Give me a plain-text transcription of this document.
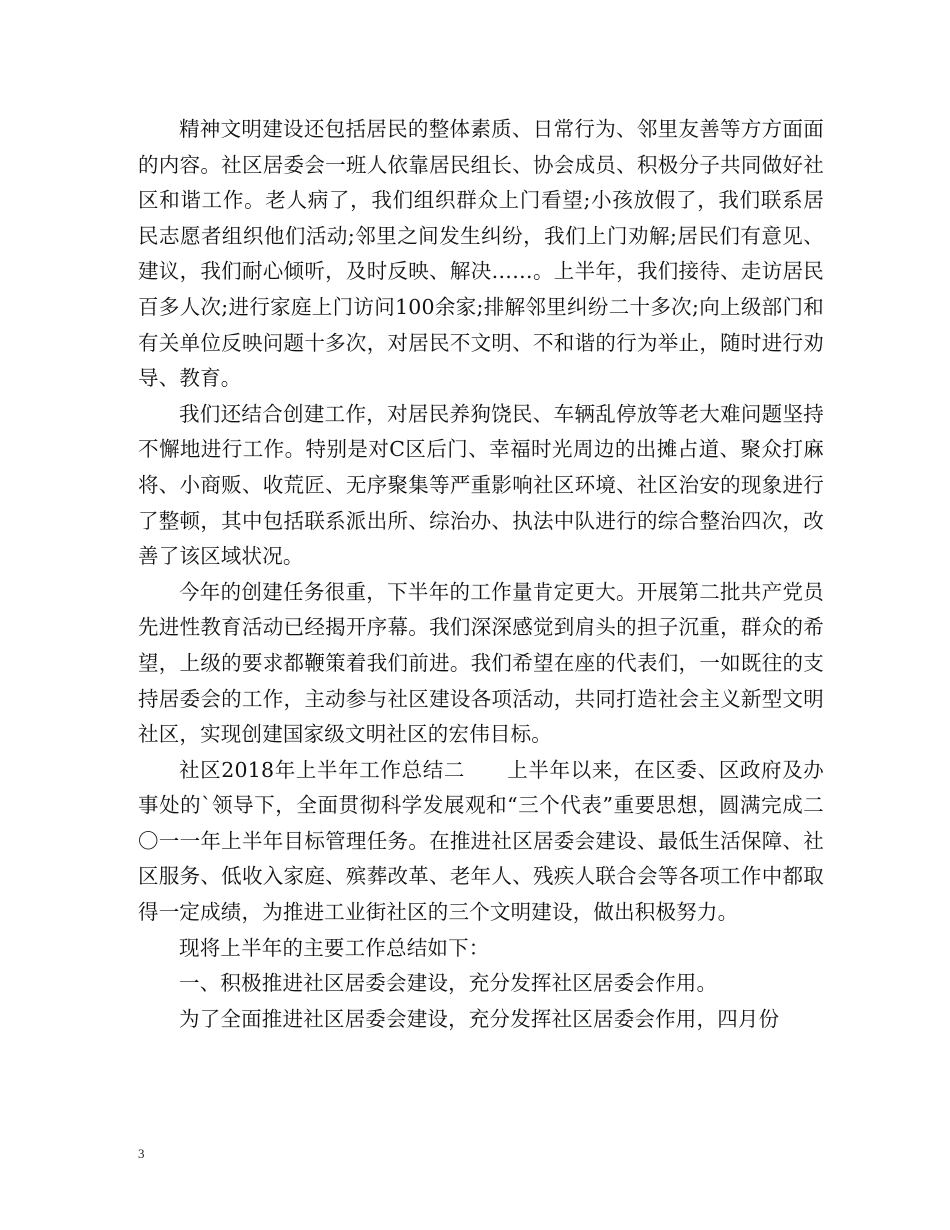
精神文明建设还包括居民的整体素质、日常行为、邻里友善等方方面面的内容。社区居委会一班人依靠居民组长、协会成员、积极分子共同做好社区和谐工作。老人病了，我们组织群众上门看望;小孩放假了，我们联系居民志愿者组织他们活动;邻里之间发生纠纷，我们上门劝解;居民们有意见、建议，我们耐心倾听，及时反映、解决……。上半年，我们接待、走访居民百多人次;进行家庭上门访问100余家;排解邻里纠纷二十多次;向上级部门和有关单位反映问题十多次，对居民不文明、不和谐的行为举止，随时进行劝导、教育。

我们还结合创建工作，对居民养狗饶民、车辆乱停放等老大难问题坚持不懈地进行工作。特别是对C区后门、幸福时光周边的出摊占道、聚众打麻将、小商贩、收荒匠、无序聚集等严重影响社区环境、社区治安的现象进行了整顿，其中包括联系派出所、综治办、执法中队进行的综合整治四次，改善了该区域状况。

今年的创建任务很重，下半年的工作量肯定更大。开展第二批共产党员先进性教育活动已经揭开序幕。我们深深感觉到肩头的担子沉重，群众的希望，上级的要求都鞭策着我们前进。我们希望在座的代表们，一如既往的支持居委会的工作，主动参与社区建设各项活动，共同打造社会主义新型文明社区，实现创建国家级文明社区的宏伟目标。

社区2018年上半年工作总结二　　上半年以来，在区委、区政府及办事处的`领导下，全面贯彻科学发展观和“三个代表”重要思想，圆满完成二〇一一年上半年目标管理任务。在推进社区居委会建设、最低生活保障、社区服务、低收入家庭、殡葬改革、老年人、残疾人联合会等各项工作中都取得一定成绩，为推进工业街社区的三个文明建设，做出积极努力。

现将上半年的主要工作总结如下：

一、积极推进社区居委会建设，充分发挥社区居委会作用。

为了全面推进社区居委会建设，充分发挥社区居委会作用，四月份

3
